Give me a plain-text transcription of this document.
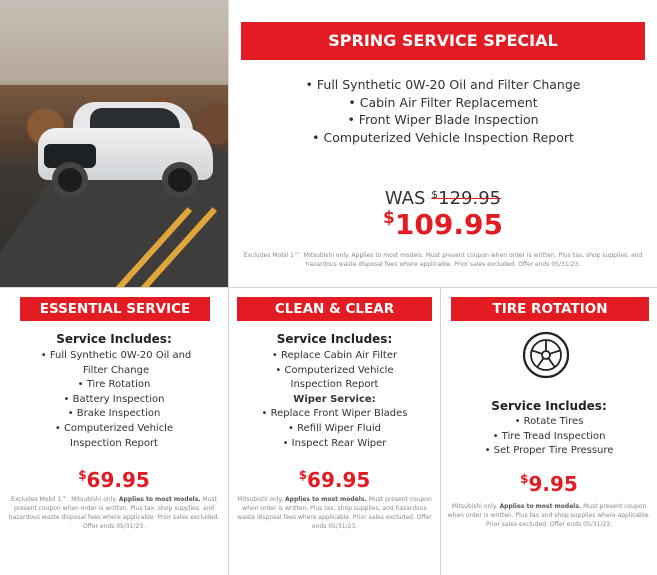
SPRING SERVICE SPECIAL
• Full Synthetic 0W-20 Oil and Filter Change
• Cabin Air Filter Replacement
• Front Wiper Blade Inspection
• Computerized Vehicle Inspection Report
WAS $129.95
$109.95
Excludes Mobil 1™. Mitsubishi only. Applies to most models. Must present coupon when order is written. Plus tax, shop supplies, and hazardous waste disposal fees where applicable. Prior sales excluded. Offer ends 05/31/23.
ESSENTIAL SERVICE
Service Includes:
• Full Synthetic 0W-20 Oil and Filter Change
• Tire Rotation
• Battery Inspection
• Brake Inspection
• Computerized Vehicle Inspection Report
$69.95
Excludes Mobil 1™. Mitsubishi only. Applies to most models. Must present coupon when order is written. Plus tax, shop supplies, and hazardous waste disposal fees where applicable. Prior sales excluded. Offer ends 05/31/23.
CLEAN & CLEAR
Service Includes:
• Replace Cabin Air Filter
• Computerized Vehicle Inspection Report
Wiper Service:
• Replace Front Wiper Blades
• Refill Wiper Fluid
• Inspect Rear Wiper
$69.95
Mitsubishi only. Applies to most models. Must present coupon when order is written. Plus tax, shop supplies, and hazardous waste disposal fees where applicable. Prior sales excluded. Offer ends 05/31/23.
TIRE ROTATION
Service Includes:
• Rotate Tires
• Tire Tread Inspection
• Set Proper Tire Pressure
$9.95
Mitsubishi only. Applies to most models. Must present coupon when order is written. Plus tax and shop supplies where applicable. Prior sales excluded. Offer ends 05/31/23.
